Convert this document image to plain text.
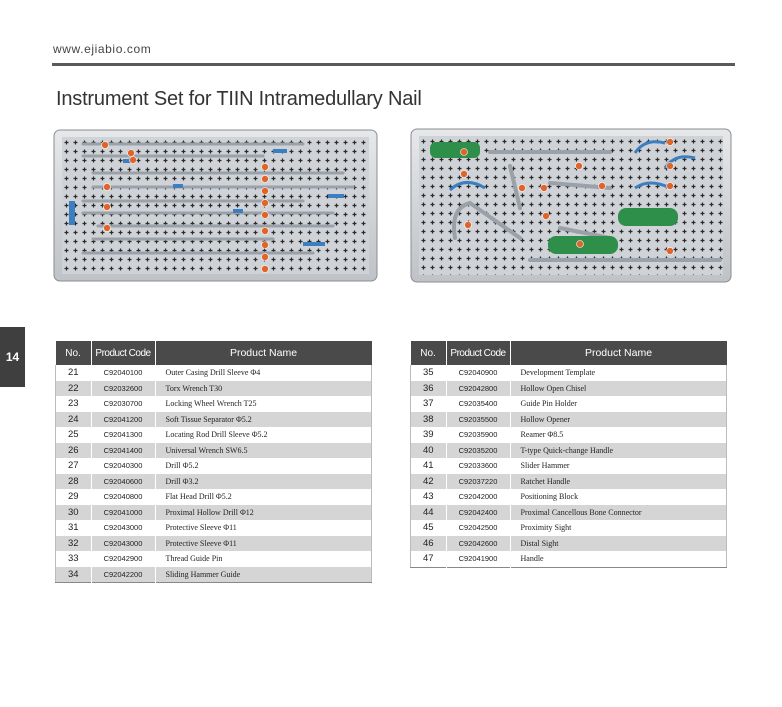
www.ejiabio.com
Instrument Set for TIIN Intramedullary Nail
14	No.	Product Code	Product Name
21	C92040100	Outer Casing Drill Sleeve Φ4
22	C92032600	Torx Wrench T30
23	C92030700	Locking Wheel Wrench T25
24	C92041200	Soft Tissue Separator Φ5.2
25	C92041300	Locating Rod Drill Sleeve Φ5.2
26	C92041400	Universal Wrench SW6.5
27	C92040300	Drill Φ5.2
28	C92040600	Drill Φ3.2
29	C92040800	Flat Head Drill Φ5.2
30	C92041000	Proximal Hollow Drill Φ12
31	C92043000	Protective Sleeve Φ11
32	C92043000	Protective Sleeve Φ11
33	C92042900	Thread Guide Pin
34	C92042200	Sliding Hammer Guide
No.	Product Code	Product Name
35	C92040900	Development Template
36	C92042800	Hollow Open Chisel
37	C92035400	Guide Pin Holder
38	C92035500	Hollow Opener
39	C92035900	Reamer Φ8.5
40	C92035200	T-type Quick-change Handle
41	C92033600	Slider Hammer
42	C92037220	Ratchet Handle
43	C92042000	Positioning Block
44	C92042400	Proximal Cancellous Bone Connector
45	C92042500	Proximity Sight
46	C92042600	Distal Sight
47	C92041900	Handle
